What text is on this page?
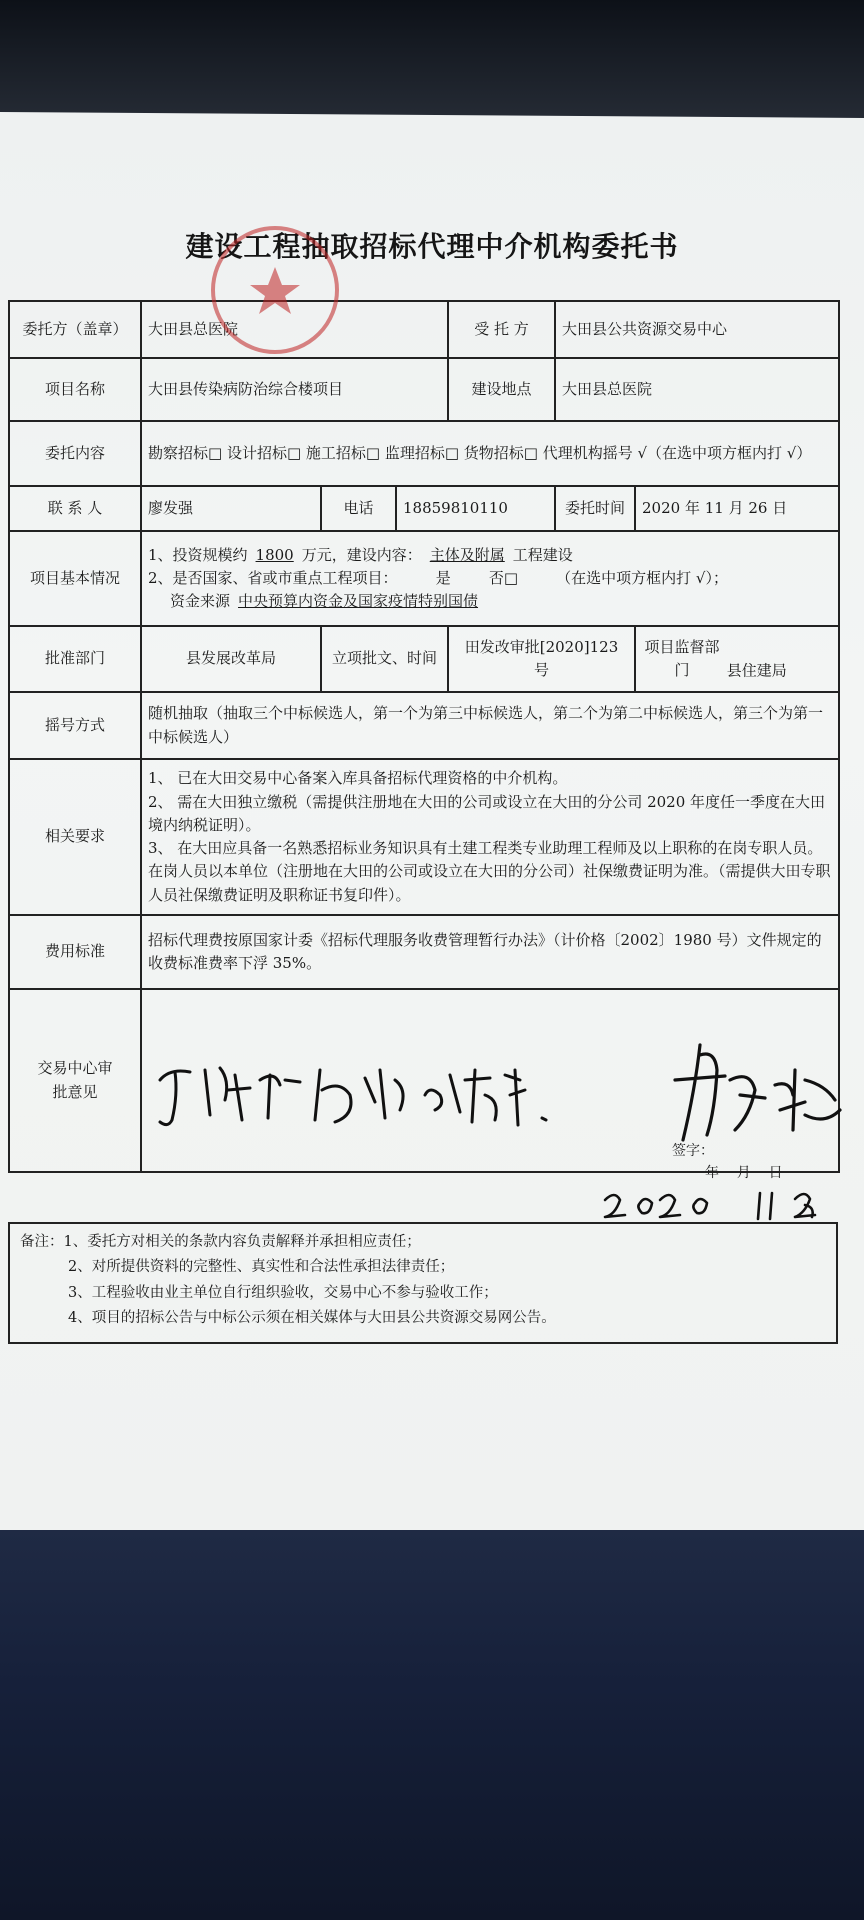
建设工程抽取招标代理中介机构委托书
委托方（盖章）	大田县总医院			受 托 方	大田县公共资源交易中心	
项目名称	大田县传染病防治综合楼项目			建设地点	大田县总医院	
委托内容	勘察招标□ 设计招标□ 施工招标□ 监理招标□ 货物招标□ 代理机构摇号 √（在选中项方框内打 √）					
联 系 人	廖发强	电话	18859810110		委托时间	2020 年 11 月 26 日
项目基本情况	1、投资规模约 1800 万元，建设内容： 主体及附属 工程建设
2、是否国家、省或市重点工程项目：        是        否□        （在选中项方框内打 √）；
资金来源 中央预算内资金及国家疫情特别国债					

批准部门	县发展改革局	立项批文、时间		田发改审批[2020]123 号		项目监督部门 县住建局
摇号方式	随机抽取（抽取三个中标候选人，第一个为第三中标候选人，第二个为第二中标候选人，第三个为第一中标候选人）					
相关要求	1、 已在大田交易中心备案入库具备招标代理资格的中介机构。
2、 需在大田独立缴税（需提供注册地在大田的公司或设立在大田的分公司 2020 年度任一季度在大田境内纳税证明）。
3、 在大田应具备一名熟悉招标业务知识具有土建工程类专业助理工程师及以上职称的在岗专职人员。在岗人员以本单位（注册地在大田的公司或设立在大田的分公司）社保缴费证明为准。（需提供大田专职人员社保缴费证明及职称证书复印件）。					

费用标准	招标代理费按原国家计委《招标代理服务收费管理暂行办法》（计价格〔2002〕1980 号）文件规定的收费标准费率下浮 35%。					
交易中心审批意见						
签字：
年    月    日
备注：1、委托方对相关的条款内容负责解释并承担相应责任；
2、对所提供资料的完整性、真实性和合法性承担法律责任；
3、工程验收由业主单位自行组织验收，交易中心不参与验收工作；
4、项目的招标公告与中标公示须在相关媒体与大田县公共资源交易网公告。
